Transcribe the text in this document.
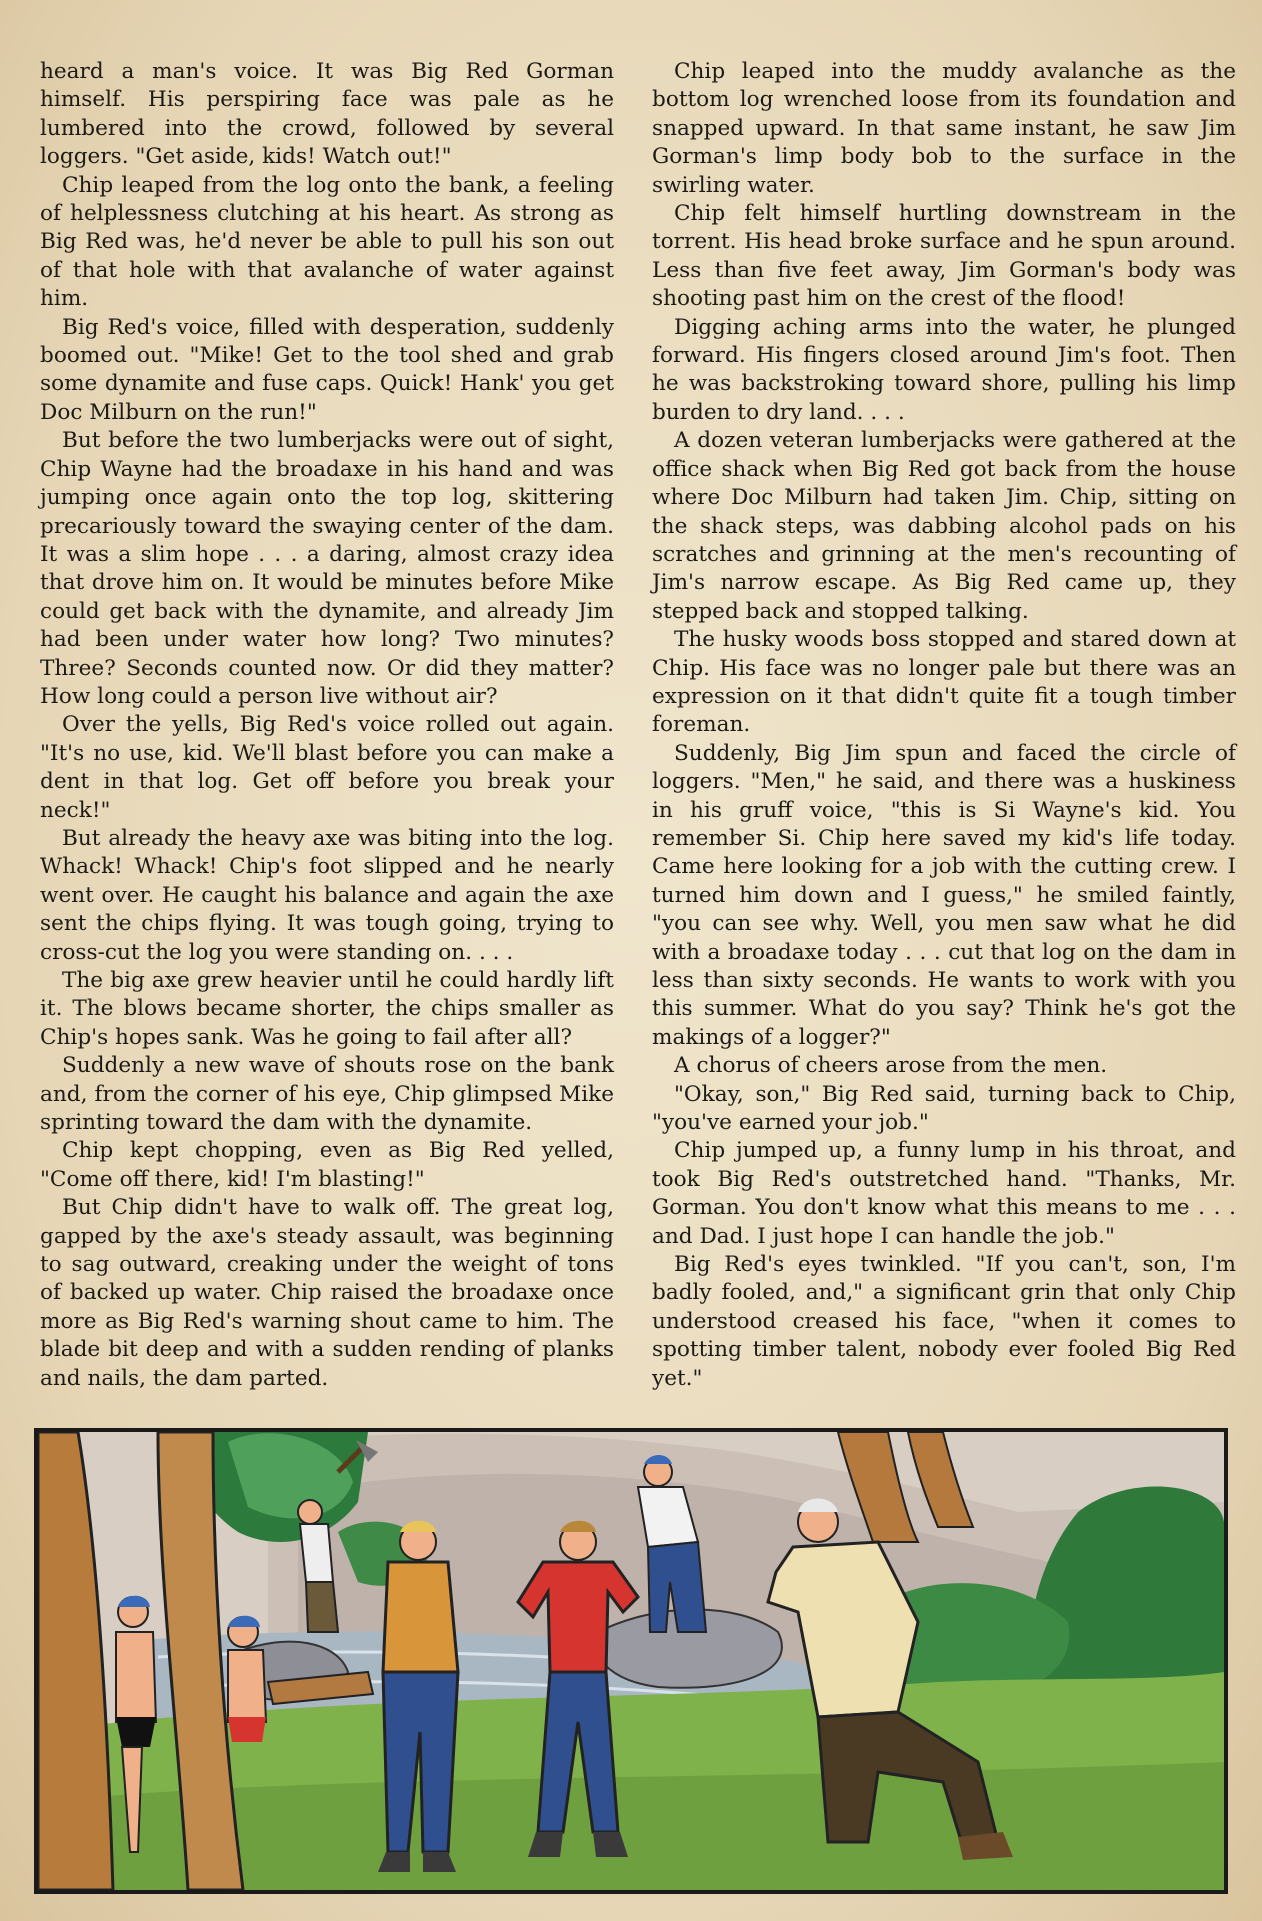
heard a man's voice. It was Big Red Gorman himself. His perspiring face was pale as he lumbered into the crowd, followed by several loggers. "Get aside, kids! Watch out!"

Chip leaped from the log onto the bank, a feeling of helplessness clutching at his heart. As strong as Big Red was, he'd never be able to pull his son out of that hole with that avalanche of water against him.

Big Red's voice, filled with desperation, suddenly boomed out. "Mike! Get to the tool shed and grab some dynamite and fuse caps. Quick! Hank' you get Doc Milburn on the run!"

But before the two lumberjacks were out of sight, Chip Wayne had the broadaxe in his hand and was jumping once again onto the top log, skittering precariously toward the swaying center of the dam. It was a slim hope . . . a daring, almost crazy idea that drove him on. It would be minutes before Mike could get back with the dynamite, and already Jim had been under water how long? Two minutes? Three? Seconds counted now. Or did they matter? How long could a person live without air?

Over the yells, Big Red's voice rolled out again. "It's no use, kid. We'll blast before you can make a dent in that log. Get off before you break your neck!"

But already the heavy axe was biting into the log. Whack! Whack! Chip's foot slipped and he nearly went over. He caught his balance and again the axe sent the chips flying. It was tough going, trying to cross-cut the log you were standing on. . . .

The big axe grew heavier until he could hardly lift it. The blows became shorter, the chips smaller as Chip's hopes sank. Was he going to fail after all?

Suddenly a new wave of shouts rose on the bank and, from the corner of his eye, Chip glimpsed Mike sprinting toward the dam with the dynamite.

Chip kept chopping, even as Big Red yelled, "Come off there, kid! I'm blasting!"

But Chip didn't have to walk off. The great log, gapped by the axe's steady assault, was beginning to sag outward, creaking under the weight of tons of backed up water. Chip raised the broadaxe once more as Big Red's warning shout came to him. The blade bit deep and with a sudden rending of planks and nails, the dam parted.

Chip leaped into the muddy avalanche as the bottom log wrenched loose from its foundation and snapped upward. In that same instant, he saw Jim Gorman's limp body bob to the surface in the swirling water.

Chip felt himself hurtling downstream in the torrent. His head broke surface and he spun around. Less than five feet away, Jim Gorman's body was shooting past him on the crest of the flood!

Digging aching arms into the water, he plunged forward. His fingers closed around Jim's foot. Then he was backstroking toward shore, pulling his limp burden to dry land. . . .

A dozen veteran lumberjacks were gathered at the office shack when Big Red got back from the house where Doc Milburn had taken Jim. Chip, sitting on the shack steps, was dabbing alcohol pads on his scratches and grinning at the men's recounting of Jim's narrow escape. As Big Red came up, they stepped back and stopped talking.

The husky woods boss stopped and stared down at Chip. His face was no longer pale but there was an expression on it that didn't quite fit a tough timber foreman.

Suddenly, Big Jim spun and faced the circle of loggers. "Men," he said, and there was a huskiness in his gruff voice, "this is Si Wayne's kid. You remember Si. Chip here saved my kid's life today. Came here looking for a job with the cutting crew. I turned him down and I guess," he smiled faintly, "you can see why. Well, you men saw what he did with a broadaxe today . . . cut that log on the dam in less than sixty seconds. He wants to work with you this summer. What do you say? Think he's got the makings of a logger?"

A chorus of cheers arose from the men.

"Okay, son," Big Red said, turning back to Chip, "you've earned your job."

Chip jumped up, a funny lump in his throat, and took Big Red's outstretched hand. "Thanks, Mr. Gorman. You don't know what this means to me . . . and Dad. I just hope I can handle the job."

Big Red's eyes twinkled. "If you can't, son, I'm badly fooled, and," a significant grin that only Chip understood creased his face, "when it comes to spotting timber talent, nobody ever fooled Big Red yet."
